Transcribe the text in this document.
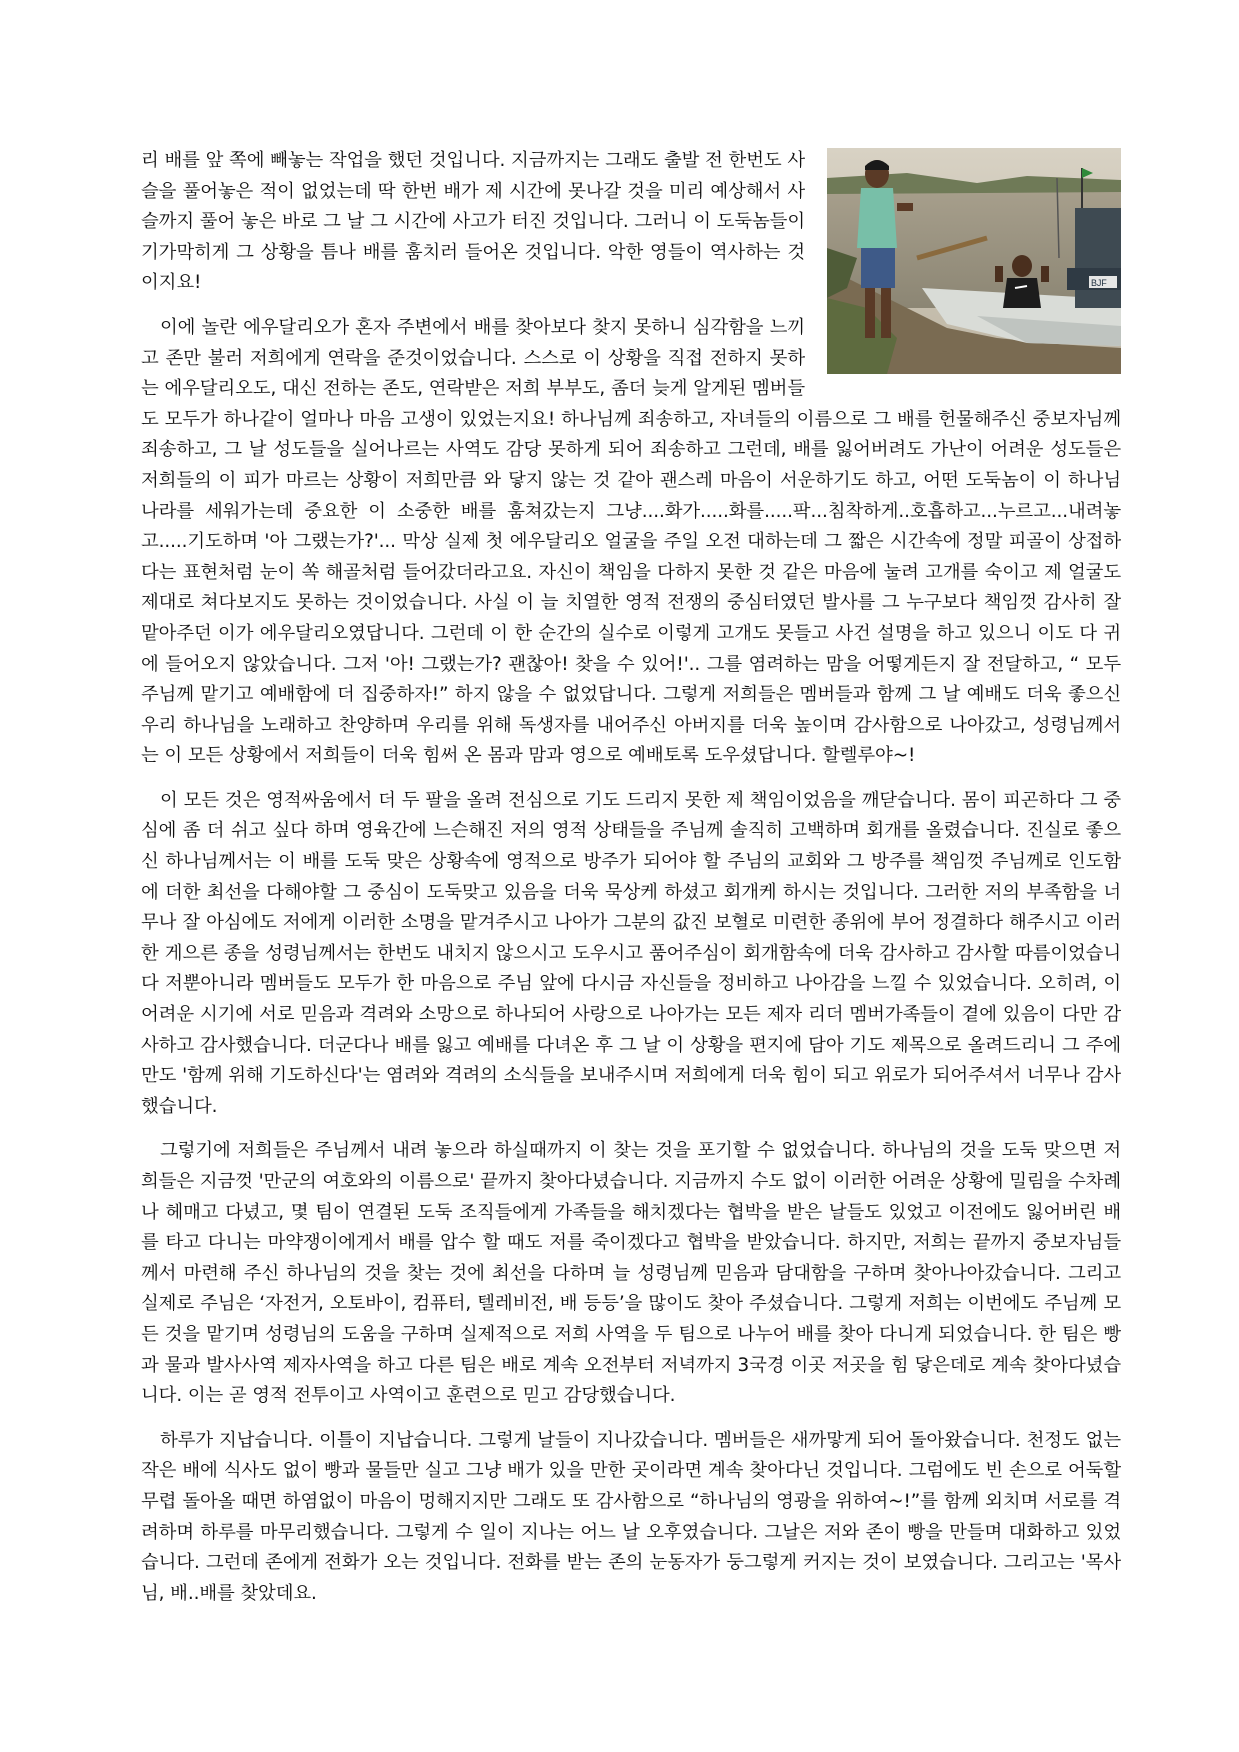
BJF

리 배를 앞 쪽에 빼놓는 작업을 했던 것입니다. 지금까지는 그래도 출발 전 한번도 사슬을 풀어놓은 적이 없었는데 딱 한번 배가 제 시간에 못나갈 것을 미리 예상해서 사슬까지 풀어 놓은 바로 그 날 그 시간에 사고가 터진 것입니다. 그러니 이 도둑놈들이 기가막히게 그 상황을 틈나 배를 훔치러 들어온 것입니다. 악한 영들이 역사하는 것이지요!

이에 놀란 에우달리오가 혼자 주변에서 배를 찾아보다 찾지 못하니 심각함을 느끼고 존만 불러 저희에게 연락을 준것이었습니다. 스스로 이 상황을 직접 전하지 못하는 에우달리오도, 대신 전하는 존도, 연락받은 저희 부부도, 좀더 늦게 알게된 멤버들도 모두가 하나같이 얼마나 마음 고생이 있었는지요! 하나님께 죄송하고, 자녀들의 이름으로 그 배를 헌물해주신 중보자님께 죄송하고, 그 날 성도들을 실어나르는 사역도 감당 못하게 되어 죄송하고 그런데, 배를 잃어버려도 가난이 어려운 성도들은 저희들의 이 피가 마르는 상황이 저희만큼 와 닿지 않는 것 같아 괜스레 마음이 서운하기도 하고, 어떤 도둑놈이 이 하나님 나라를 세워가는데 중요한 이 소중한 배를 훔쳐갔는지 그냥....화가.....화를.....팍...침착하게..호흡하고...누르고...내려놓고.....기도하며 '아 그랬는가?'... 막상 실제 첫 에우달리오 얼굴을 주일 오전 대하는데 그 짧은 시간속에 정말 피골이 상접하다는 표현처럼 눈이 쏙 해골처럼 들어갔더라고요. 자신이 책임을 다하지 못한 것 같은 마음에 눌려 고개를 숙이고 제 얼굴도 제대로 쳐다보지도 못하는 것이었습니다. 사실 이 늘 치열한 영적 전쟁의 중심터였던 발사를 그 누구보다 책임껏 감사히 잘 맡아주던 이가 에우달리오였답니다. 그런데 이 한 순간의 실수로 이렇게 고개도 못들고 사건 설명을 하고 있으니 이도 다 귀에 들어오지 않았습니다. 그저 '아! 그랬는가? 괜찮아! 찾을 수 있어!'.. 그를 염려하는 맘을 어떻게든지 잘 전달하고, “ 모두 주님께 맡기고 예배함에 더 집중하자!” 하지 않을 수 없었답니다. 그렇게 저희들은 멤버들과 함께 그 날 예배도 더욱 좋으신 우리 하나님을 노래하고 찬양하며 우리를 위해 독생자를 내어주신 아버지를 더욱 높이며 감사함으로 나아갔고, 성령님께서는 이 모든 상황에서 저희들이 더욱 힘써 온 몸과 맘과 영으로 예배토록 도우셨답니다. 할렐루야~!

이 모든 것은 영적싸움에서 더 두 팔을 올려 전심으로 기도 드리지 못한 제 책임이었음을 깨닫습니다. 몸이 피곤하다 그 중심에 좀 더 쉬고 싶다 하며 영육간에 느슨해진 저의 영적 상태들을 주님께 솔직히 고백하며 회개를 올렸습니다. 진실로 좋으신 하나님께서는 이 배를 도둑 맞은 상황속에 영적으로 방주가 되어야 할 주님의 교회와 그 방주를 책임껏 주님께로 인도함에 더한 최선을 다해야할 그 중심이 도둑맞고 있음을 더욱 묵상케 하셨고 회개케 하시는 것입니다. 그러한 저의 부족함을 너무나 잘 아심에도 저에게 이러한 소명을 맡겨주시고 나아가 그분의 값진 보혈로 미련한 종위에 부어 정결하다 해주시고 이러한 게으른 종을 성령님께서는 한번도 내치지 않으시고 도우시고 품어주심이 회개함속에 더욱 감사하고 감사할 따름이었습니다 저뿐아니라 멤버들도 모두가 한 마음으로 주님 앞에 다시금 자신들을 정비하고 나아감을 느낄 수 있었습니다. 오히려, 이 어려운 시기에 서로 믿음과 격려와 소망으로 하나되어 사랑으로 나아가는 모든 제자 리더 멤버가족들이 곁에 있음이 다만 감사하고 감사했습니다. 더군다나 배를 잃고 예배를 다녀온 후 그 날 이 상황을 편지에 담아 기도 제목으로 올려드리니 그 주에만도 '함께 위해 기도하신다'는 염려와 격려의 소식들을 보내주시며 저희에게 더욱 힘이 되고 위로가 되어주셔서 너무나 감사했습니다.

그렇기에 저희들은 주님께서 내려 놓으라 하실때까지 이 찾는 것을 포기할 수 없었습니다. 하나님의 것을 도둑 맞으면 저희들은 지금껏 '만군의 여호와의 이름으로' 끝까지 찾아다녔습니다. 지금까지 수도 없이 이러한 어려운 상황에 밀림을 수차례나 헤매고 다녔고, 몇 팀이 연결된 도둑 조직들에게 가족들을 해치겠다는 협박을 받은 날들도 있었고 이전에도 잃어버린 배를 타고 다니는 마약쟁이에게서 배를 압수 할 때도 저를 죽이겠다고 협박을 받았습니다. 하지만, 저희는 끝까지 중보자님들께서 마련해 주신 하나님의 것을 찾는 것에 최선을 다하며 늘 성령님께 믿음과 담대함을 구하며 찾아나아갔습니다. 그리고 실제로 주님은 ‘자전거, 오토바이, 컴퓨터, 텔레비전, 배 등등’을 많이도 찾아 주셨습니다. 그렇게 저희는 이번에도 주님께 모든 것을 맡기며 성령님의 도움을 구하며 실제적으로 저희 사역을 두 팀으로 나누어 배를 찾아 다니게 되었습니다. 한 팀은 빵과 물과 발사사역 제자사역을 하고 다른 팀은 배로 계속 오전부터 저녁까지 3국경 이곳 저곳을 힘 닿은데로 계속 찾아다녔습니다. 이는 곧 영적 전투이고 사역이고 훈련으로 믿고 감당했습니다.

하루가 지납습니다. 이틀이 지납습니다. 그렇게 날들이 지나갔습니다. 멤버들은 새까맣게 되어 돌아왔습니다. 천정도 없는 작은 배에 식사도 없이 빵과 물들만 실고 그냥 배가 있을 만한 곳이라면 계속 찾아다닌 것입니다. 그럼에도 빈 손으로 어둑할 무렵 돌아올 때면 하염없이 마음이 멍해지지만 그래도 또 감사함으로 “하나님의 영광을 위하여~!”를 함께 외치며 서로를 격려하며 하루를 마무리했습니다. 그렇게 수 일이 지나는 어느 날 오후였습니다. 그날은 저와 존이 빵을 만들며 대화하고 있었습니다. 그런데 존에게 전화가 오는 것입니다. 전화를 받는 존의 눈동자가 둥그렇게 커지는 것이 보였습니다. 그리고는 '목사님, 배..배를 찾았데요.
